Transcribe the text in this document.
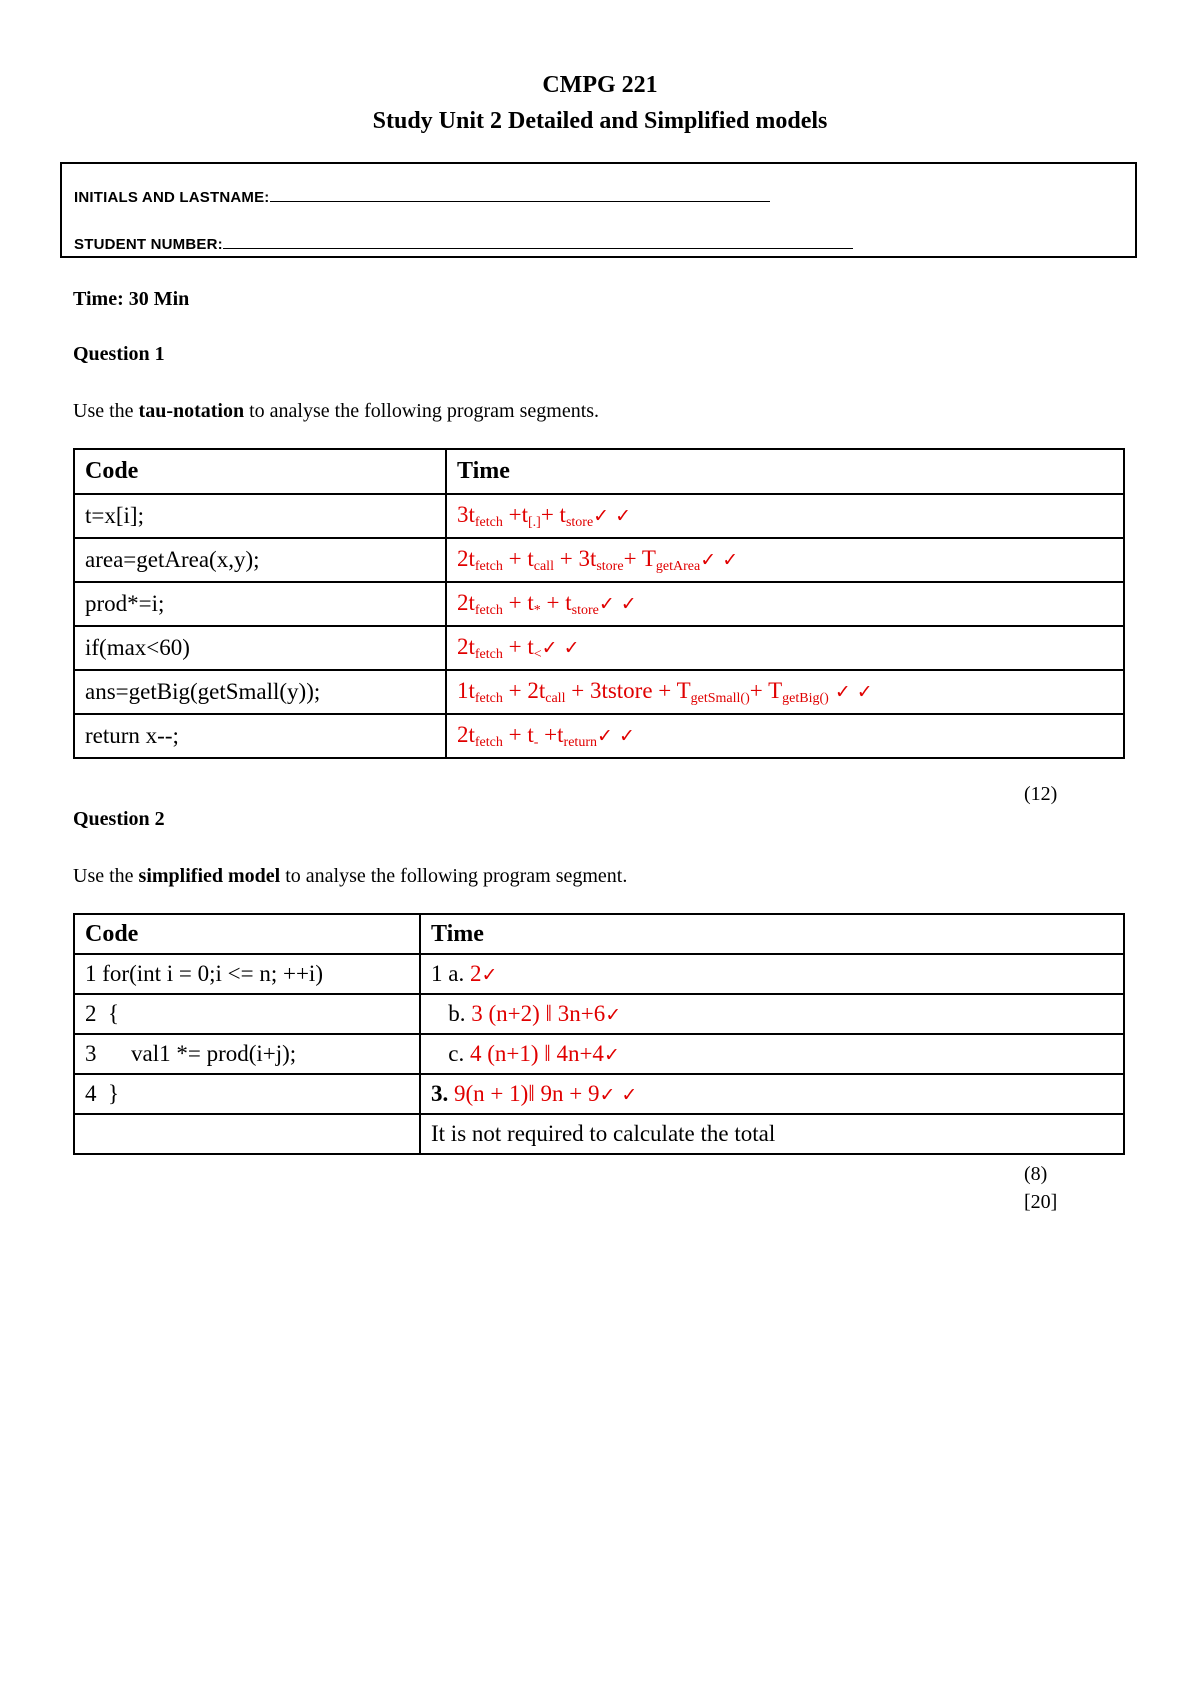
CMPG 221
Study Unit 2 Detailed and Simplified models
INITIALS AND LASTNAME:
STUDENT NUMBER:
Time: 30 Min
Question 1
Use the tau-notation to analyse the following program segments.
Code	Time
t=x[i];	$3t_{fetch} +t_{[.]}+$ $t_{store}✓$ ✓
area=getArea(x,y);	$2t_{fetch} + t_{call} + 3t_{store}+$ $T_{getArea}✓$ ✓
prod*=i;	$2t_{fetch} + t_*$ + $t_{store}✓$ ✓
if(max<60)	$2t_{fetch}$ + $t_<✓$ ✓
ans=getBig(getSmall(y));	$1t_{fetch} + 2t_{call}$ + 3tstore + $T_{getSmall()}+ T_{getBig()}$ ✓ ✓
return x--;	$2t_{fetch} + t_-$ $+t_{return}✓$ ✓
(12)
Question 2
Use the simplified model to analyse the following program segment.
Code	Time
1 for(int i = 0;i <= n; ++i)	1 a. 2✓
2  {	b. 3 (n+2) ‖ 3n+6✓
3      val1 *= prod(i+j);	c. 4 (n+1) ‖ 4n+4✓
4  }	3. 9(n + 1)‖ 9n + 9✓ ✓
	It is not required to calculate the total
(8)
[20]
